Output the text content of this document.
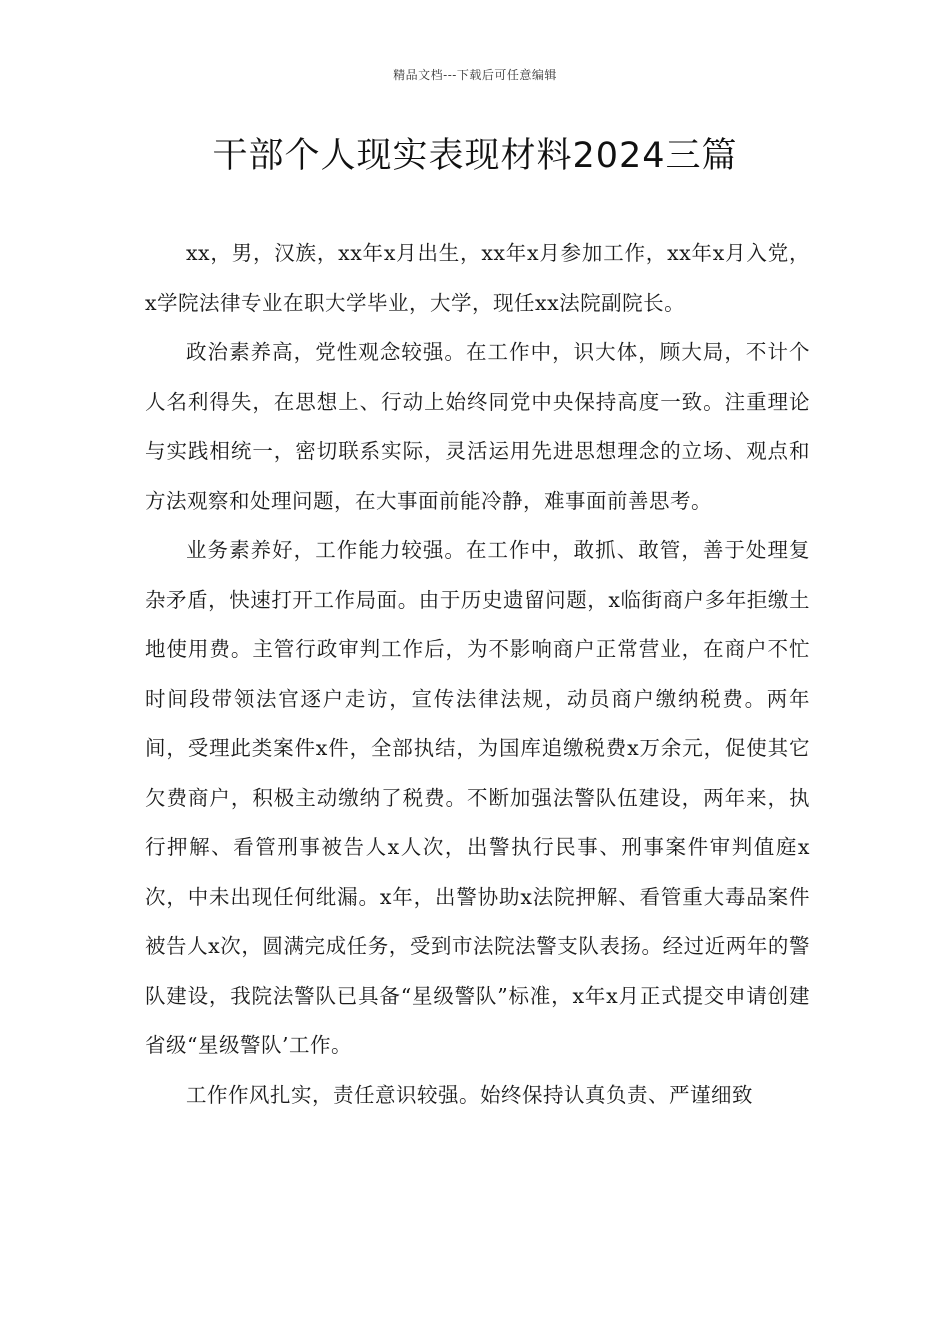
精品文档---下载后可任意编辑
干部个人现实表现材料2024三篇

xx，男，汉族，xx年x月出生，xx年x月参加工作，xx年x月入党，x学院法律专业在职大学毕业，大学，现任xx法院副院长。

政治素养高，党性观念较强。在工作中，识大体，顾大局，不计个人名利得失，在思想上、行动上始终同党中央保持高度一致。注重理论与实践相统一，密切联系实际，灵活运用先进思想理念的立场、观点和方法观察和处理问题，在大事面前能冷静，难事面前善思考。

业务素养好，工作能力较强。在工作中，敢抓、敢管，善于处理复杂矛盾，快速打开工作局面。由于历史遗留问题，x临街商户多年拒缴土地使用费。主管行政审判工作后，为不影响商户正常营业，在商户不忙时间段带领法官逐户走访，宣传法律法规，动员商户缴纳税费。两年间，受理此类案件x件，全部执结，为国库追缴税费x万余元，促使其它欠费商户，积极主动缴纳了税费。不断加强法警队伍建设，两年来，执行押解、看管刑事被告人x人次，出警执行民事、刑事案件审判值庭x次，中未出现任何纰漏。x年，出警协助x法院押解、看管重大毒品案件被告人x次，圆满完成任务，受到市法院法警支队表扬。经过近两年的警队建设，我院法警队已具备“星级警队”标准，x年x月正式提交申请创建省级“星级警队’工作。

工作作风扎实，责任意识较强。始终保持认真负责、严谨细致
